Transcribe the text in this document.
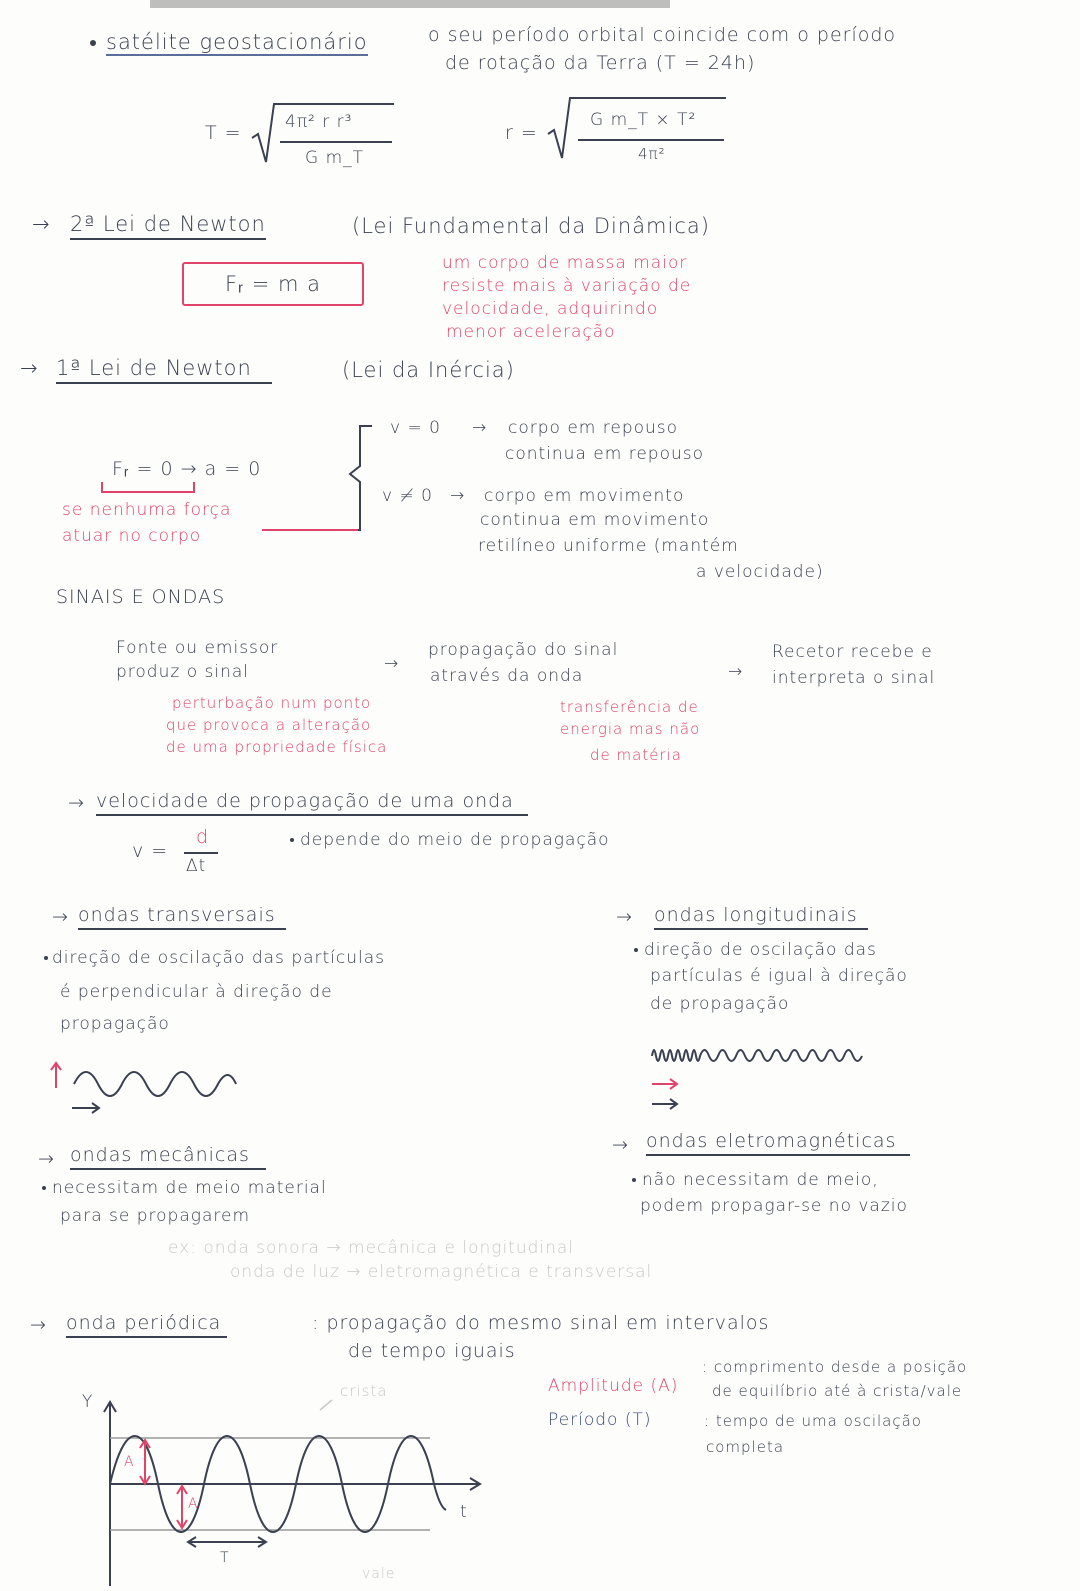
satélite geostacionário	o seu período orbital coincide com o período
de rotação da Terra (T = 24h)
T =	4π² r r³
G m_T
r =
G m_T × T²
4π²
→ 2ª Lei de Newton	(Lei Fundamental da Dinâmica)
Fᵣ = m a
um corpo de massa maior
resiste mais à variação de
velocidade, adquirindo
menor aceleração
→ 1ª Lei de Newton	(Lei da Inércia)
Fᵣ = 0 → a = 0
se nenhuma força
atuar no corpo
v = 0 → corpo em repouso
continua em repouso
v ≠ 0 → corpo em movimento
continua em movimento
retilíneo uniforme (mantém
a velocidade)
SINAIS E ONDAS
Fonte ou emissor
produz o sinal
perturbação num ponto
que provoca a alteração
de uma propriedade física
→
propagação do sinal
através da onda
transferência de
energia mas não
de matéria
→
Recetor recebe e
interpreta o sinal
→ velocidade de propagação de uma onda
v =
d
Δt
depende do meio de propagação
→ ondas transversais
direção de oscilação das partículas
é perpendicular à direção de
propagação
→ ondas longitudinais
direção de oscilação das
partículas é igual à direção
de propagação
→ ondas mecânicas
necessitam de meio material
para se propagarem
→ ondas eletromagnéticas
não necessitam de meio,
podem propagar-se no vazio
ex: onda sonora → mecânica e longitudinal
onda de luz → eletromagnética e transversal
→ onda periódica	: propagação do mesmo sinal em intervalos
de tempo iguais
Amplitude (A)
: comprimento desde a posição
de equilíbrio até à crista/vale
Período (T)	: tempo de uma oscilação
completa
Y
t
crista
vale
A
A
T
